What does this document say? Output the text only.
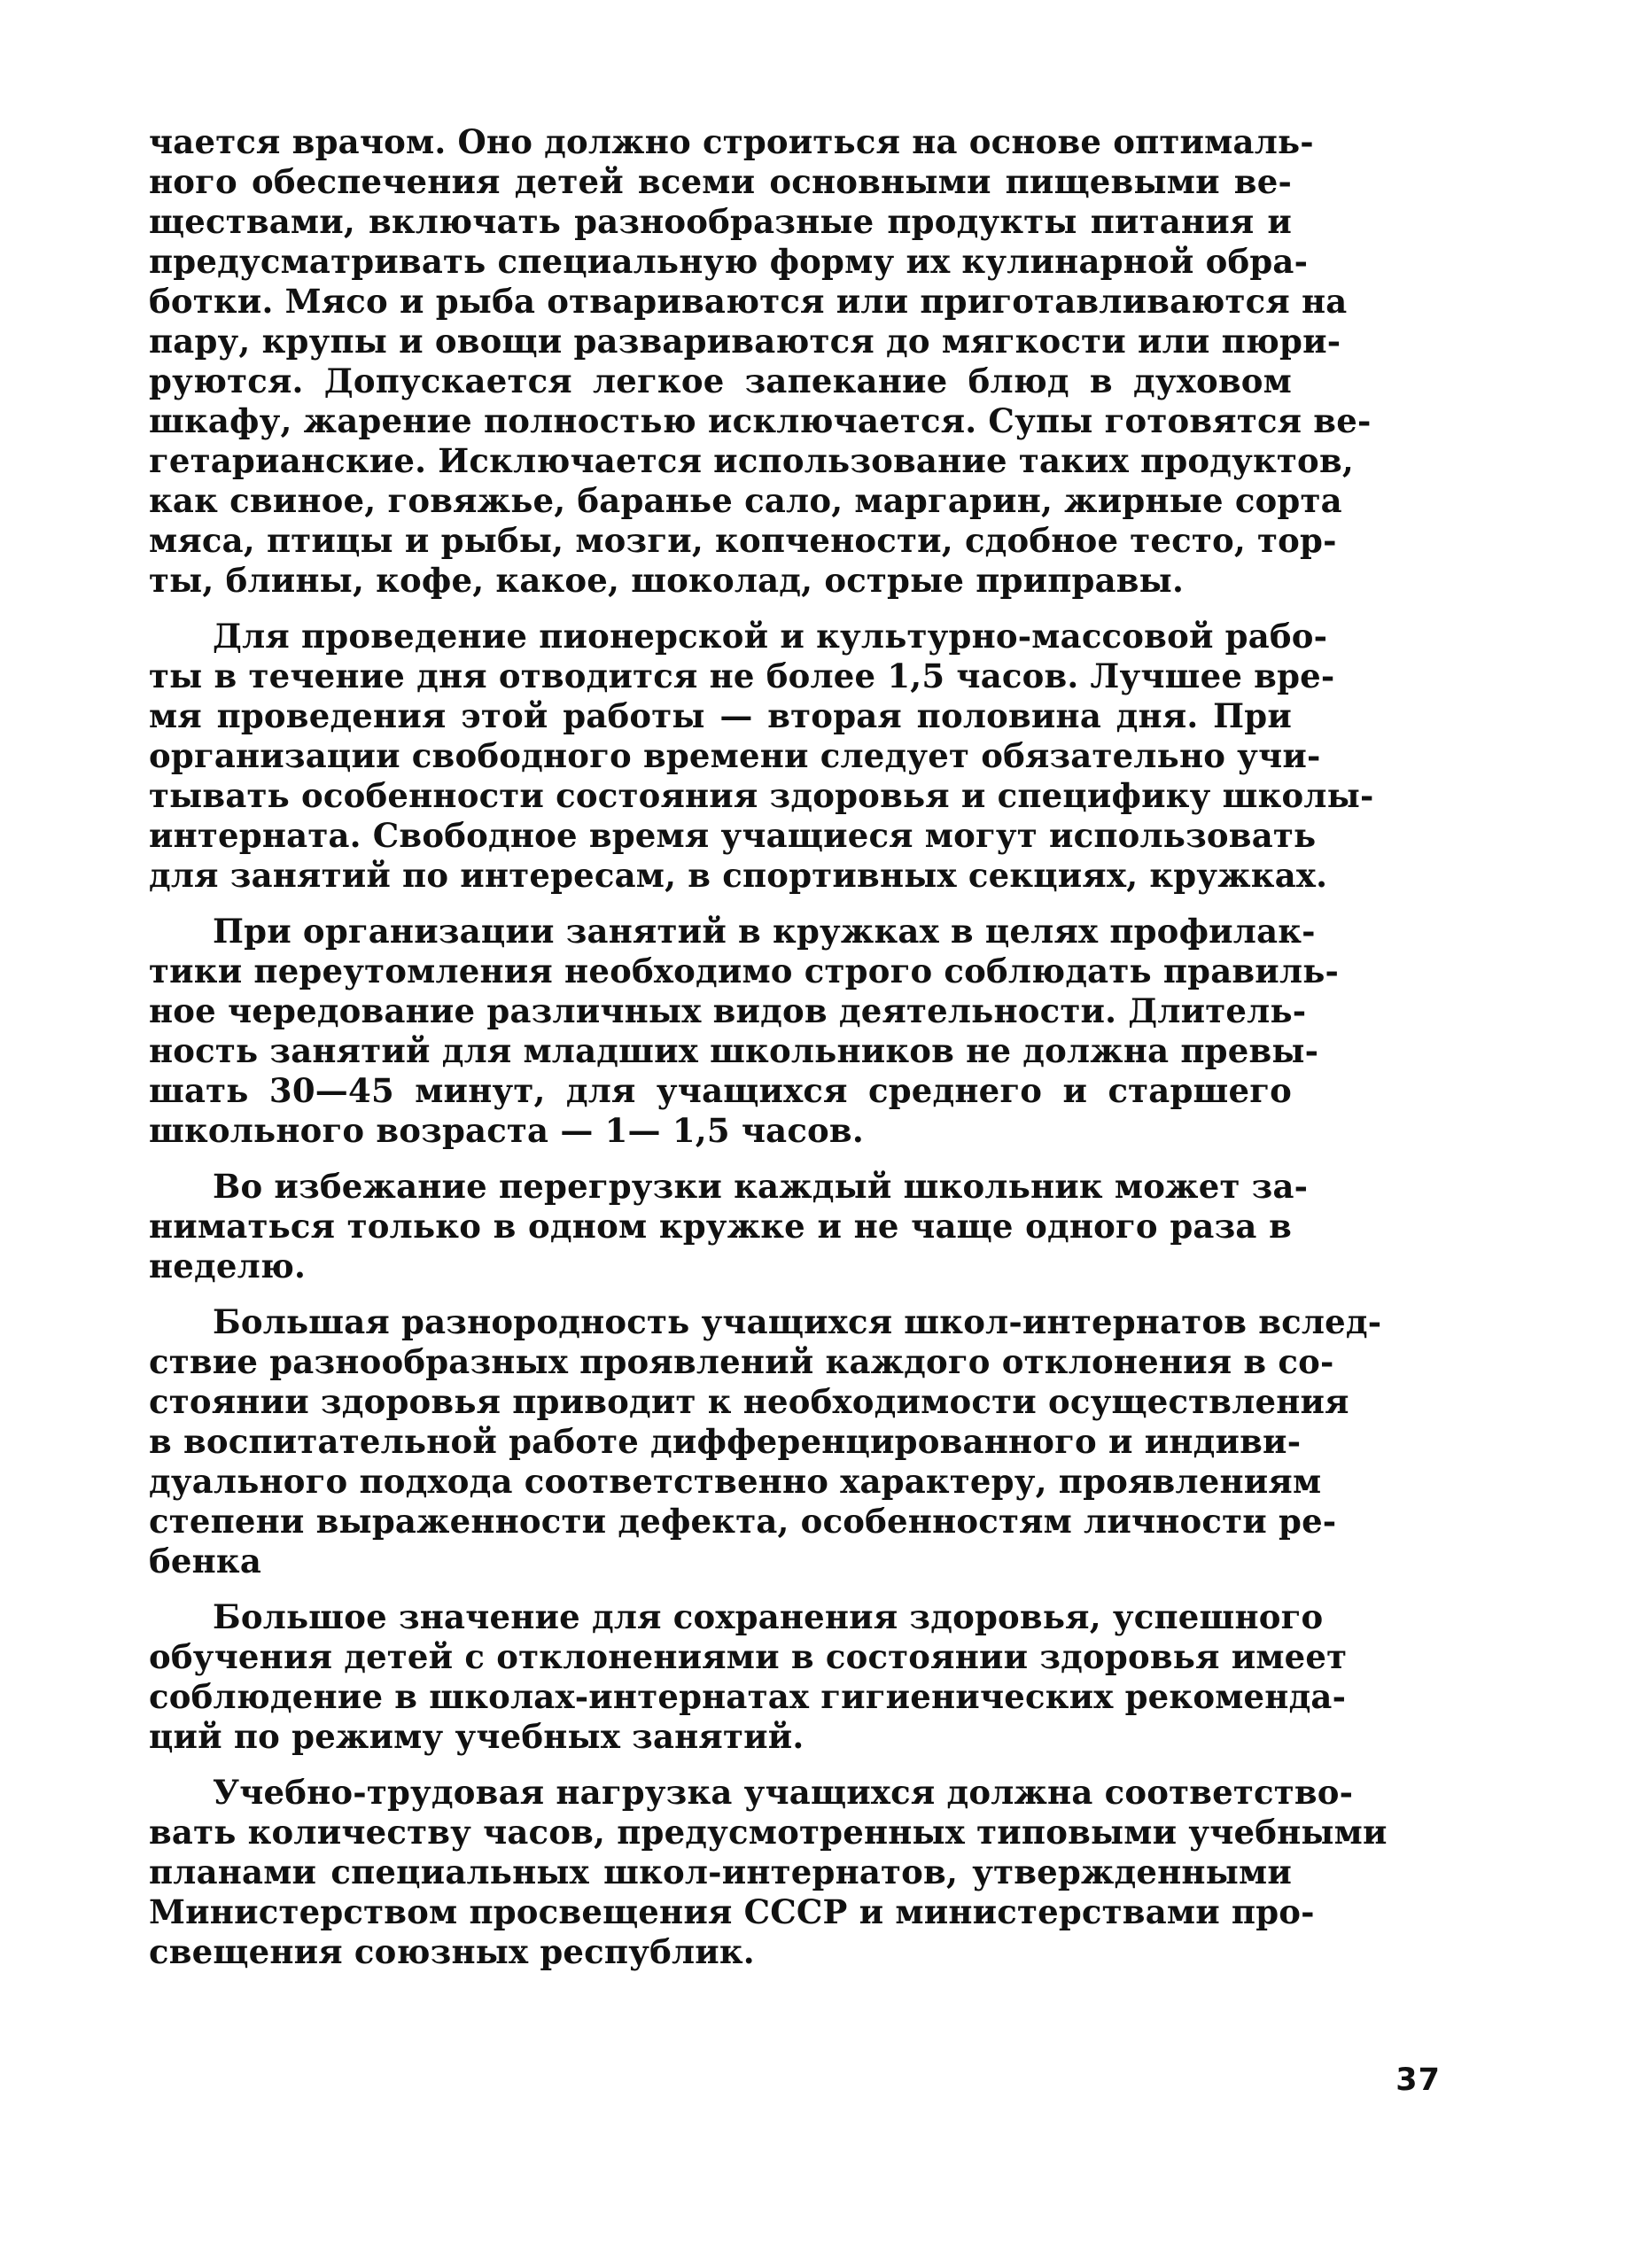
чается врачом. Оно должно строиться на основе оптималь-
ного обеспечения детей всеми основными пищевыми ве-
ществами, включать разнообразные продукты питания и
предусматривать специальную форму их кулинарной обра-
ботки. Мясо и рыба отвариваются или приготавливаются на
пару, крупы и овощи развариваются до мягкости или пюри-
руются. Допускается легкое запекание блюд в духовом
шкафу, жарение полностью исключается. Супы готовятся ве-
гетарианские. Исключается использование таких продуктов,
как свиное, говяжье, баранье сало, маргарин, жирные сорта
мяса, птицы и рыбы, мозги, копчености, сдобное тесто, тор-
ты, блины, кофе, какое, шоколад, острые приправы.
Для проведение пионерской и культурно-массовой рабо-
ты в течение дня отводится не более 1,5 часов. Лучшее вре-
мя проведения этой работы — вторая половина дня. При
организации свободного времени следует обязательно учи-
тывать особенности состояния здоровья и специфику школы-
интерната. Свободное время учащиеся могут использовать
для занятий по интересам, в спортивных секциях, кружках.
При организации занятий в кружках в целях профилак-
тики переутомления необходимо строго соблюдать правиль-
ное чередование различных видов деятельности. Длитель-
ность занятий для младших школьников не должна превы-
шать 30—45 минут, для учащихся среднего и старшего
школьного возраста — 1— 1,5 часов.
Во избежание перегрузки каждый школьник может за-
ниматься только в одном кружке и не чаще одного раза в
неделю.
Большая разнородность учащихся школ-интернатов вслед-
ствие разнообразных проявлений каждого отклонения в со-
стоянии здоровья приводит к необходимости осуществления
в воспитательной работе дифференцированного и индиви-
дуального подхода соответственно характеру, проявлениям
степени выраженности дефекта, особенностям личности ре-
бенка
Большое значение для сохранения здоровья, успешного
обучения детей с отклонениями в состоянии здоровья имеет
соблюдение в школах-интернатах гигиенических рекоменда-
ций по режиму учебных занятий.
Учебно-трудовая нагрузка учащихся должна соответство-
вать количеству часов, предусмотренных типовыми учебными
планами специальных школ-интернатов, утвержденными
Министерством просвещения СССР и министерствами про-
свещения союзных республик.
37
